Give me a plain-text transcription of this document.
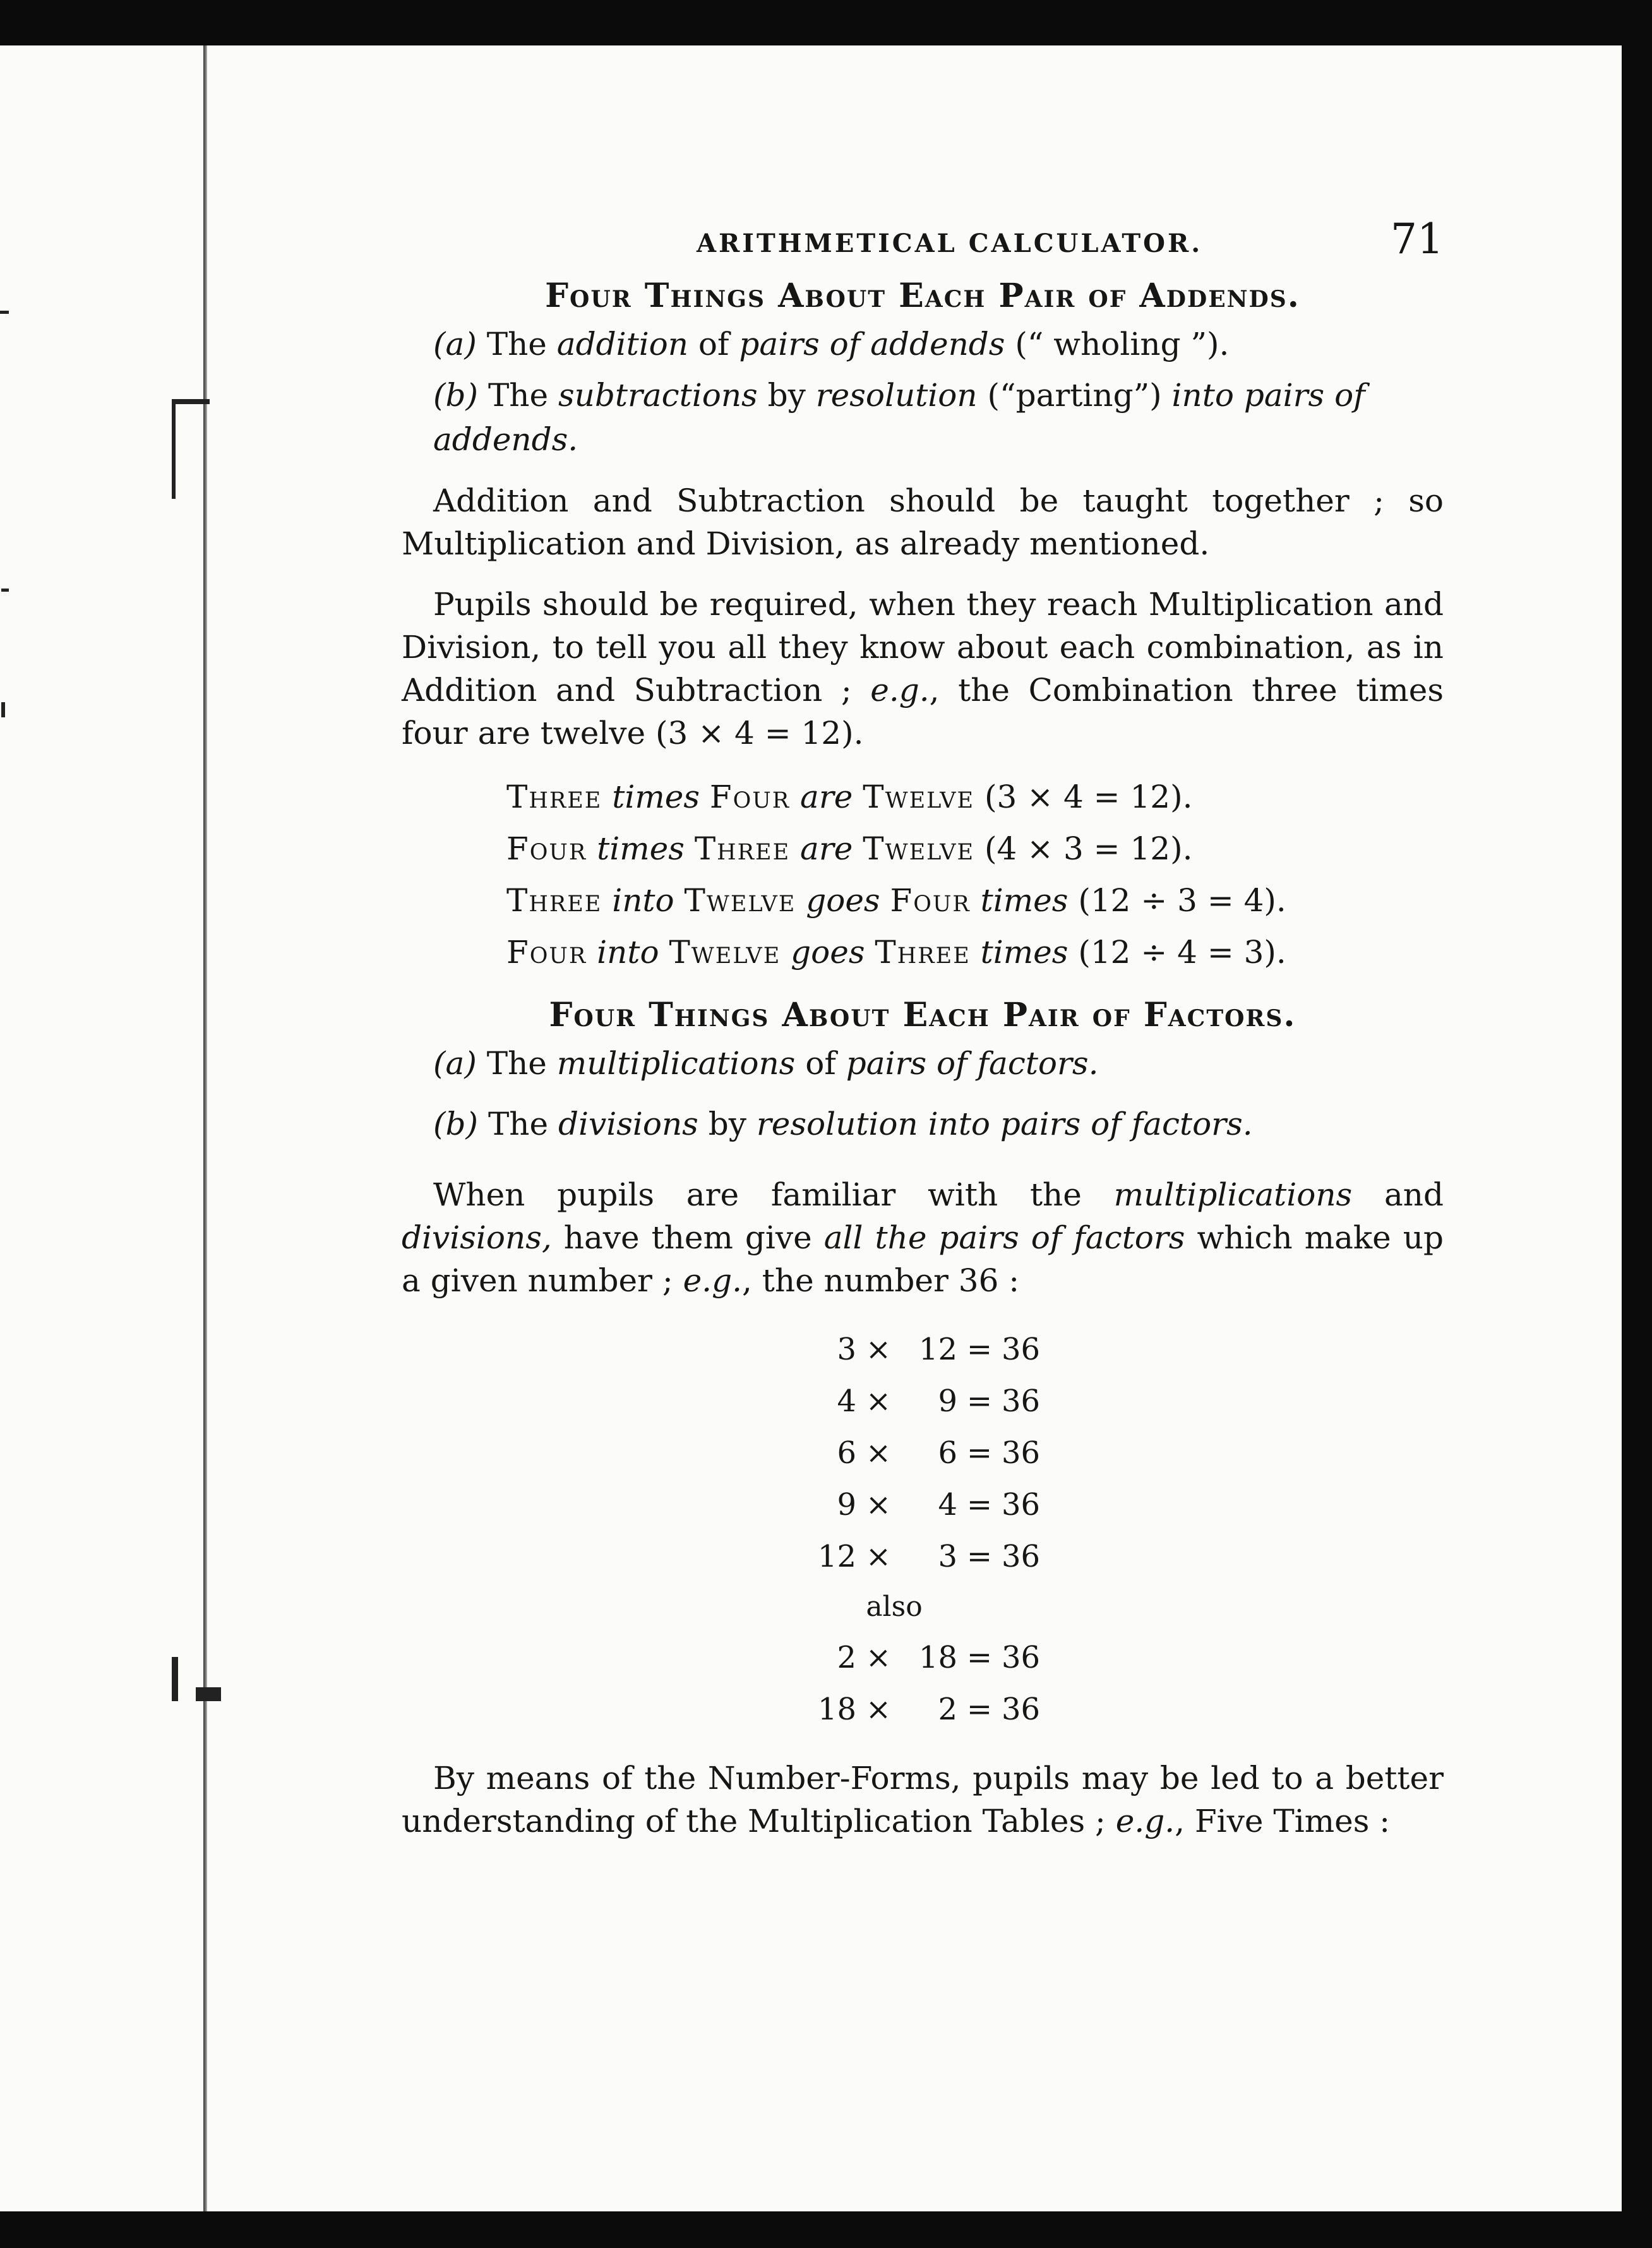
ARITHMETICAL CALCULATOR.	71
Four Things About Each Pair of Addends.
(a) The addition of pairs of addends (“ wholing ”).
(b) The subtractions by resolution (“parting”) into pairs of addends.

Addition and Subtraction should be taught together ; so Multiplication and Division, as already mentioned.

Pupils should be required, when they reach Multiplication and Division, to tell you all they know about each combination, as in Addition and Subtraction ; e.g., the Combination three times four are twelve (3 × 4 = 12).

Three times Four are Twelve (3 × 4 = 12).
Four times Three are Twelve (4 × 3 = 12).
Three into Twelve goes Four times (12 ÷ 3 = 4).
Four into Twelve goes Three times (12 ÷ 4 = 3).
Four Things About Each Pair of Factors.
(a) The multiplications of pairs of factors.
(b) The divisions by resolution into pairs of factors.

When pupils are familiar with the multiplications and divisions, have them give all the pairs of factors which make up a given number ; e.g., the number 36 :

3 × 12 = 36
4 ×	9 = 36
6 ×	6 = 36
9 ×	4 = 36
12 ×	3 = 36
also
2 × 18 = 36
18 ×	2 = 36

By means of the Number-Forms, pupils may be led to a better understanding of the Multiplication Tables ; e.g., Five Times :
